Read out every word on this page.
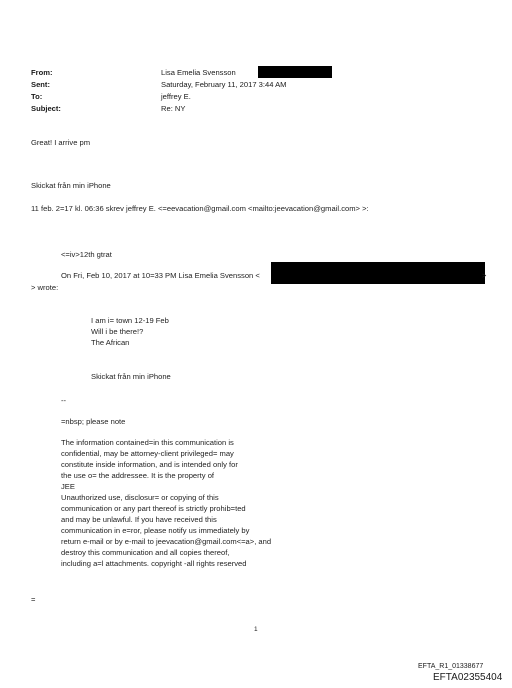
From:	Lisa Emelia Svensson
Sent:	Saturday, February 11, 2017 3:44 AM
To:	jeffrey E.
Subject:	Re: NY
Great! I arrive pm
Skickat från min iPhone
11 feb. 2=17 kl. 06:36 skrev jeffrey E. <=eevacation@gmail.com <mailto:jeevacation@gmail.com> >:
<=iv>12th gtrat
On Fri, Feb 10, 2017 at 10=33 PM Lisa Emelia Svensson <	>
> wrote:
I am i= town 12-19 Feb
Will i be there!?
The African
Skickat från min iPhone
--
=nbsp; please note
The information contained=in this communication is
confidential, may be attorney-client privileged= may
constitute inside information, and is intended only for
the use o= the addressee. It is the property of
JEE
Unauthorized use, disclosur= or copying of this
communication or any part thereof is strictly prohib=ted
and may be unlawful. If you have received this
communication in e=ror, please notify us immediately by
return e-mail or by e-mail to jeevacation@gmail.com<=a>, and
destroy this communication and all copies thereof,
including a=l attachments. copyright -all rights reserved
=
1
EFTA_R1_01338677
EFTA02355404
